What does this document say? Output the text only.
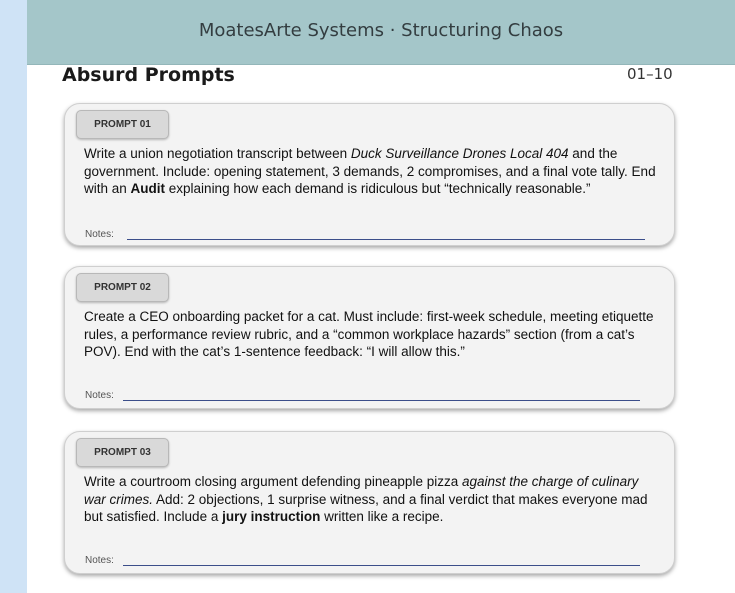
MoatesArte Systems · Structuring Chaos
Absurd Prompts	01–10
PROMPT 01
Write a union negotiation transcript between Duck Surveillance Drones Local 404 and the government. Include: opening statement, 3 demands, 2 compromises, and a final vote tally. End with an Audit explaining how each demand is ridiculous but “technically reasonable.”
Notes:
PROMPT 02
Create a CEO onboarding packet for a cat. Must include: first-week schedule, meeting etiquette rules, a performance review rubric, and a “common workplace hazards” section (from a cat’s POV). End with the cat’s 1-sentence feedback: “I will allow this.”
Notes:
PROMPT 03
Write a courtroom closing argument defending pineapple pizza against the charge of culinary war crimes. Add: 2 objections, 1 surprise witness, and a final verdict that makes everyone mad but satisfied. Include a jury instruction written like a recipe.
Notes:
